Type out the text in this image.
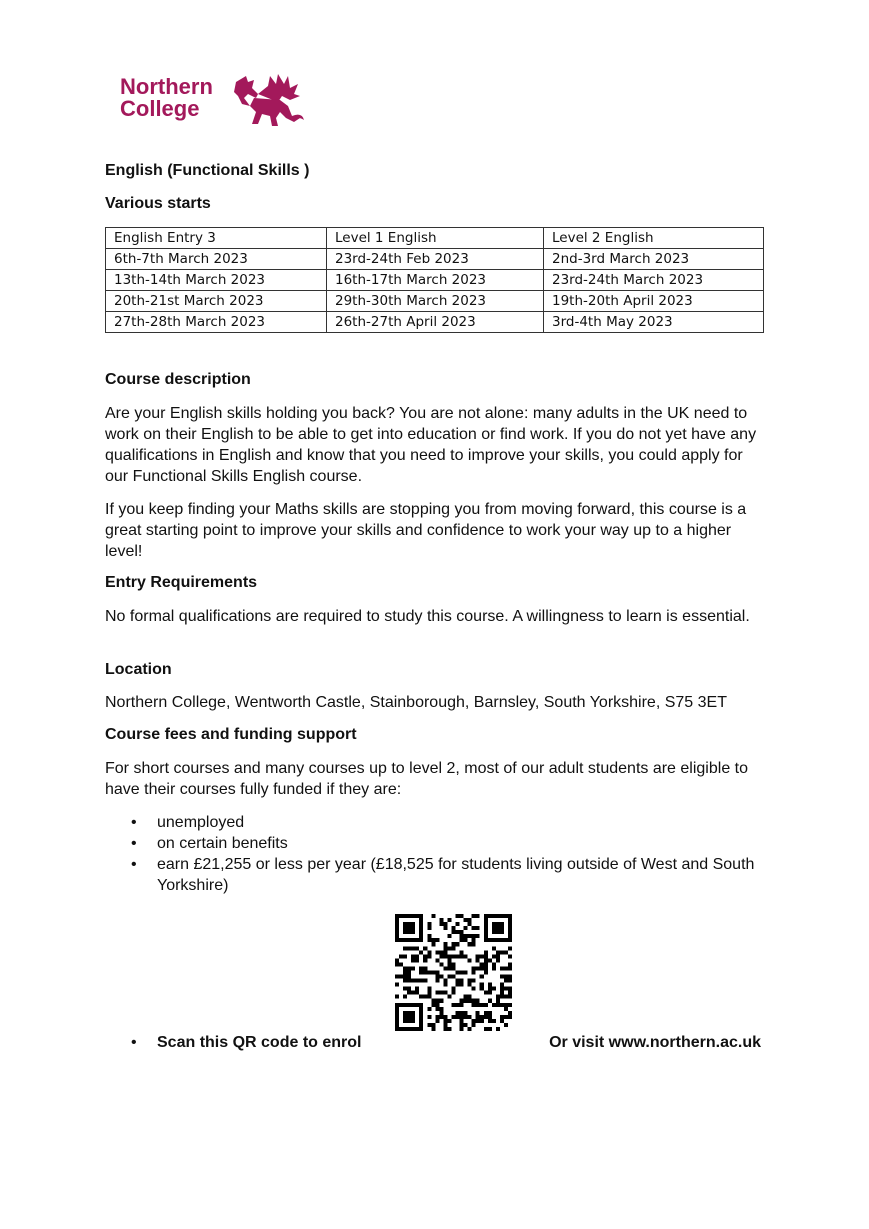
Northern
College
English (Functional Skills )
Various starts
English Entry 3	Level 1 English	Level 2 English
6th-7th March 2023	23rd-24th Feb 2023	2nd-3rd March 2023
13th-14th March 2023	16th-17th March 2023	23rd-24th March 2023
20th-21st March 2023	29th-30th March 2023	19th-20th April 2023
27th-28th March 2023	26th-27th April 2023	3rd-4th May 2023
Course description

Are your English skills holding you back? You are not alone: many adults in the UK need to work on their English to be able to get into education or find work. If you do not yet have any qualifications in English and know that you need to improve your skills, you could apply for our Functional Skills English course.

If you keep finding your Maths skills are stopping you from moving forward, this course is a great starting point to improve your skills and confidence to work your way up to a higher level!

Entry Requirements

No formal qualifications are required to study this course. A willingness to learn is essential.

Location

Northern College, Wentworth Castle, Stainborough, Barnsley, South Yorkshire, S75 3ET

Course fees and funding support

For short courses and many courses up to level 2, most of our adult students are eligible to have their courses fully funded if they are:

• unemployed
• on certain benefits
• earn £21,255 or less per year (£18,525 for students living outside of West and South Yorkshire)
• Scan this QR code to enrol	Or visit www.northern.ac.uk
